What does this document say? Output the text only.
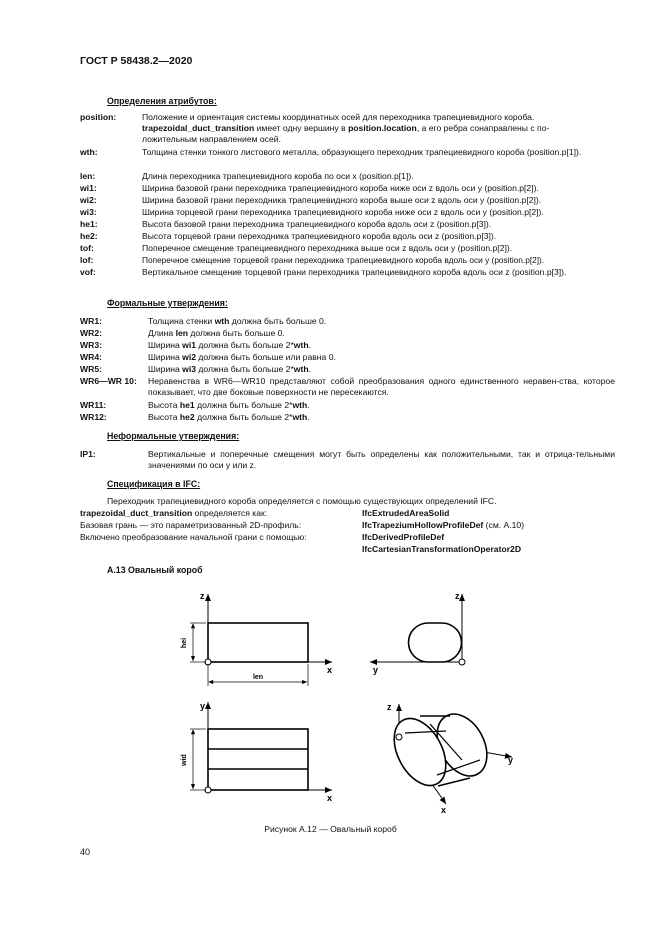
ГОСТ Р 58438.2—2020
Определения атрибутов:
position:	Положение и ориентация системы координатных осей для переходника трапециевидного короба.
trapezoidal_duct_transition имеет одну вершину в position.location, а его ребра сонаправлены с по-
ложительным направлением осей.
wth:	Толщина стенки тонкого листового металла, образующего переходник трапециевидного короба (position.p[1]).
len:	Длина переходника трапециевидного короба по оси x (position.p[1]).
wi1:	Ширина базовой грани переходника трапециевидного короба ниже оси z вдоль оси y (position.p[2]).
wi2:	Ширина базовой грани переходника трапециевидного короба выше оси z вдоль оси y (position.p[2]).
wi3:	Ширина торцевой грани переходника трапециевидного короба ниже оси z вдоль оси y (position.p[2]).
he1:	Высота базовой грани переходника трапециевидного короба вдоль оси z (position.p[3]).
he2:	Высота торцевой грани переходника трапециевидного короба вдоль оси z (position.p[3]).
tof:	Поперечное смещение трапециевидного переходника выше оси z вдоль оси y (position.p[2]).
lof:	Поперечное смещение торцевой грани переходника трапециевидного короба вдоль оси y (position.p[2]).
vof:	Вертикальное смещение торцевой грани переходника трапециевидного короба вдоль оси z (position.p[3]).
Формальные утверждения:
WR1:	Толщина стенки wth должна быть больше 0.
WR2:	Длина len должна быть больше 0.
WR3:	Ширина wi1 должна быть больше 2*wth.
WR4:	Ширина wi2 должна быть больше или равна 0.
WR5:	Ширина wi3 должна быть больше 2*wth.
WR6—WR 10: Неравенства в WR6—WR10 представляют собой преобразования одного единственного неравен-ства, которое показывает, что две боковые поверхности не пересекаются.
WR11:	Высота he1 должна быть больше 2*wth.
WR12:	Высота he2 должна быть больше 2*wth.
Неформальные утверждения:
IP1:	Вертикальные и поперечные смещения могут быть определены как положительными, так и отрица-тельными значениями по оси y или z.
Спецификация в IFC:
Переходник трапециевидного короба определяется с помощью существующих определений IFC.
trapezoidal_duct_transition определяется как:	IfcExtrudedAreaSolid
Базовая грань — это параметризованный 2D-профиль:	IfcTrapeziumHollowProfileDef (см. А.10)
Включено преобразование начальной грани с помощью:	IfcDerivedProfileDef
IfcCartesianTransformationOperator2D
А.13 Овальный короб
z
x
hei
len
z
y
y
x
wid
z
y
x
Рисунок А.12 — Овальный короб
40
